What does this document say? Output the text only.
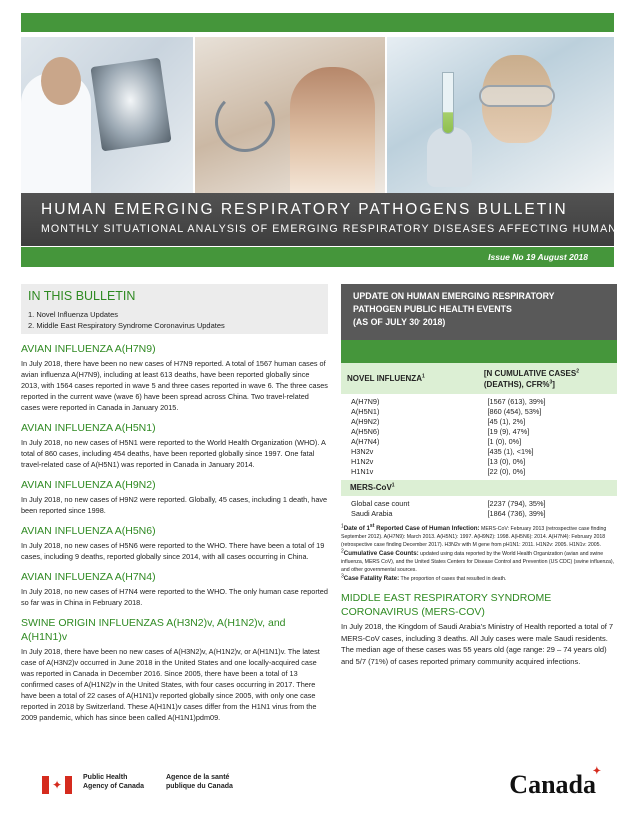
HUMAN EMERGING RESPIRATORY PATHOGENS BULLETIN
MONTHLY SITUATIONAL ANALYSIS OF EMERGING RESPIRATORY DISEASES AFFECTING HUMANS
Issue No 19 August 2018
IN THIS BULLETIN
1. Novel Influenza Updates
2. Middle East Respiratory Syndrome Coronavirus Updates
AVIAN INFLUENZA A(H7N9)
In July 2018, there have been no new cases of H7N9 reported. A total of 1567 human cases of avian influenza A(H7N9), including at least 613 deaths, have been reported globally since 2013, with 1564 cases reported in wave 5 and three cases reported in wave 6. The three cases reported in the current wave (wave 6) have been spread across China. Two travel-related cases were reported in Canada in January 2015.
AVIAN INFLUENZA A(H5N1)
In July 2018, no new cases of H5N1 were reported to the World Health Organization (WHO). A total of 860 cases, including 454 deaths, have been reported globally since 1997. One fatal travel-related case of A(H5N1) was reported in Canada in January 2014.
AVIAN INFLUENZA A(H9N2)
In July 2018, no new cases of H9N2 were reported. Globally, 45 cases, including 1 death, have been reported since 1998.
AVIAN INFLUENZA A(H5N6)
In July 2018, no new cases of H5N6 were reported to the WHO. There have been a total of 19 cases, including 9 deaths, reported globally since 2014, with all cases occurring in China.
AVIAN INFLUENZA A(H7N4)
In July 2018, no new cases of H7N4 were reported to the WHO. The only human case reported so far was in China in February 2018.
SWINE ORIGIN INFLUENZAS A(H3N2)v, A(H1N2)v, and A(H1N1)v
In July 2018, there have been no new cases of A(H3N2)v, A(H1N2)v, or A(H1N1)v. The latest case of A(H3N2)v occurred in June 2018 in the United States and one locally-acquired case was reported in Canada in December 2016. Since 2005, there have been a total of 13 confirmed cases of A(H1N2)v in the United States, with four cases occurring in 2017. There have been a total of 22 cases of A(H1N1)v reported globally since 2005, with only one case reported in 2018 by Switzerland. These A(H1N1)v cases differ from the H1N1 virus from the 2009 pandemic, which has since been called A(H1N1)pdm09.
UPDATE ON HUMAN EMERGING RESPIRATORY
PATHOGEN PUBLIC HEALTH EVENTS
(AS OF JULY 30, 2018)
NOVEL INFLUENZA$^1$	[N CUMULATIVE CASES$^2$
(DEATHS), CFR%$^3$]
A(H7N9)	[1567 (613), 39%]
A(H5N1)	[860 (454), 53%]
A(H9N2)	[45 (1), 2%]
A(H5N6)	[19 (9), 47%]
A(H7N4)	[1 (0), 0%]
H3N2v	[435 (1), <1%]
H1N2v	[13 (0), 0%]
H1N1v	[22 (0), 0%]
MERS-CoV$^1$
Global case count	[2237 (794), 35%]
Saudi Arabia	[1864 (736), 39%]

$^1$Date of 1st Reported Case of Human Infection: MERS-CoV: February 2013 (retrospective case finding September 2012). A(H7N9): March 2013. A(H5N1): 1997. A(H9N2): 1998. A(H5N6): 2014. A(H7N4): February 2018 (retrospective case finding December 2017). H3N2v with M gene from pH1N1: 2011. H1N2v: 2005. H1N1v: 2005.

$^2$Cumulative Case Counts: updated using data reported by the World Health Organization (avian and swine influenza, MERS CoV), and the United States Centers for Disease Control and Prevention (US CDC) (swine influenza), and other governmental sources.

$^3$Case Fatality Rate: The proportion of cases that resulted in death.

MIDDLE EAST RESPIRATORY SYNDROME CORONAVIRUS (MERS-COV)
In July 2018, the Kingdom of Saudi Arabia’s Ministry of Health reported a total of 7 MERS-CoV cases, including 3 deaths. All July cases were male Saudi residents. The median age of these cases was 55 years old (age range: 29 – 74 years old) and 5/7 (71%) of cases reported primary community acquired infections.
✦
Public Health
Agency of Canada
Agence de la santé
publique du Canada	Canada
✦
